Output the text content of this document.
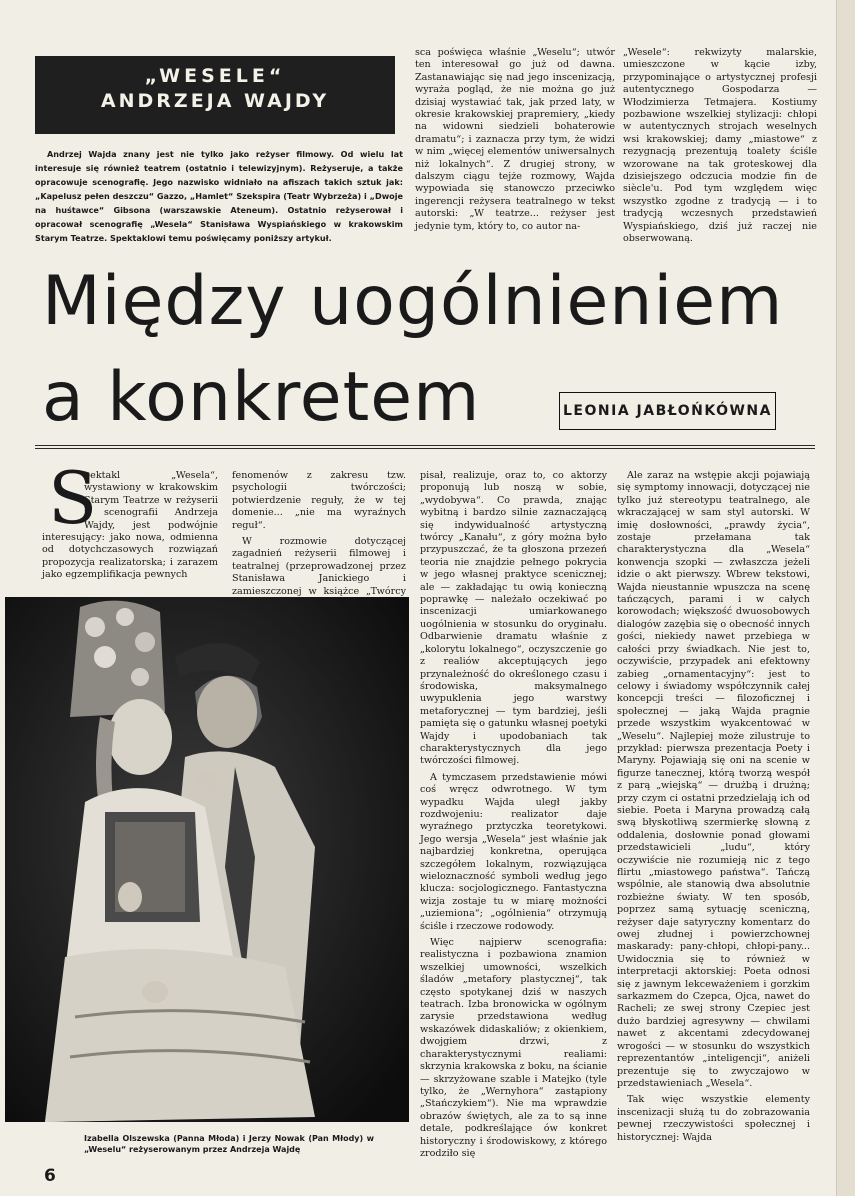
„WESELE“
ANDRZEJA WAJDY

Andrzej Wajda znany jest nie tylko jako reżyser filmowy. Od wielu lat interesuje się również teatrem (ostatnio i telewizyjnym). Reżyseruje, a także opracowuje scenografię. Jego nazwisko widniało na afiszach takich sztuk jak: „Kapelusz pełen deszczu“ Gazzo, „Hamlet“ Szekspira (Teatr Wybrzeża) i „Dwoje na huśtawce“ Gibsona (warszawskie Ateneum). Ostatnio reżyserował i opracował scenografię „Wesela“ Stanisława Wyspiańskiego w krakowskim Starym Teatrze. Spektaklowi temu poświęcamy poniższy artykuł.

sca poświęca właśnie „Weselu“; utwór ten interesował go już od dawna. Zastanawiając się nad jego inscenizacją, wyraża pogląd, że nie można go już dzisiaj wystawiać tak, jak przed laty, w okresie krakowskiej prapremiery, „kiedy na widowni siedzieli bohaterowie dramatu“; i zaznacza przy tym, że widzi w nim „więcej elementów uniwersalnych niż lokalnych“. Z drugiej strony, w dalszym ciągu tejże rozmowy, Wajda wypowiada się stanowczo przeciwko ingerencji reżysera teatralnego w tekst autorski: „W teatrze... reżyser jest jedynie tym, który to, co autor na-

„Wesele“: rekwizyty malarskie, umieszczone w kącie izby, przypominające o artystycznej profesji autentycznego Gospodarza — Włodzimierza Tetmajera. Kostiumy pozbawione wszelkiej stylizacji: chłopi w autentycznych strojach weselnych wsi krakowskiej; damy „miastowe“ z rezygnacją prezentują toalety ściśle wzorowane na tak groteskowej dla dzisiejszego odczucia modzie fin de siècle'u. Pod tym względem więc wszystko zgodne z tradycją — i to tradycją wczesnych przedstawień Wyspiańskiego, dziś już raczej nie obserwowaną.

Między uogólnieniem
a konkretem	LEONIA JABŁOŃKÓWNA
S

pektakl „Wesela“, wystawiony w krakowskim Starym Teatrze w reżyserii i scenografii Andrzeja Wajdy, jest podwójnie interesujący: jako nowa, odmienna od dotychczasowych rozwiązań propozycja realizatorska; i zarazem jako egzemplifikacja pewnych

fenomenów z zakresu tzw. psychologii twórczości; potwierdzenie reguły, że w tej domenie... „nie ma wyraźnych reguł“.

W rozmowie dotyczącej zagadnień reżyserii filmowej i teatralnej (przeprowadzonej przez Stanisława Janickiego i zamieszczonej w książce „Twórcy

Izabella Olszewska (Panna Młoda) i Jerzy Nowak (Pan Młody) w „Weselu“ reżyserowanym przez Andrzeja Wajdę

pisał, realizuje, oraz to, co aktorzy proponują lub noszą w sobie, „wydobywa“. Co prawda, znając wybitną i bardzo silnie zaznaczającą się indywidualność artystyczną twórcy „Kanału“, z góry można było przypuszczać, że ta głoszona przezeń teoria nie znajdzie pełnego pokrycia w jego własnej praktyce scenicznej; ale — zakładając tu owią konieczną poprawkę — należało oczekiwać po inscenizacji umiarkowanego uogólnienia w stosunku do oryginału. Odbarwienie dramatu właśnie z „kolorytu lokalnego“, oczyszczenie go z realiów akceptujących jego przynależność do określonego czasu i środowiska, maksymalnego uwypuklenia jego warstwy metaforycznej — tym bardziej, jeśli pamięta się o gatunku własnej poetyki Wajdy i upodobaniach tak charakterystycznych dla jego twórczości filmowej.

A tymczasem przedstawienie mówi coś wręcz odwrotnego. W tym wypadku Wajda uległ jakby rozdwojeniu: realizator daje wyraźnego prztyczka teoretykowi. Jego wersja „Wesela“ jest właśnie jak najbardziej konkretna, operująca szczegółem lokalnym, rozwiązująca wieloznaczność symboli według jego klucza: socjologicznego. Fantastyczna wizja zostaje tu w miarę możności „uziemiona“; „ogólnienia“ otrzymują ściśle i rzeczowe rodowody.

Więc najpierw scenografia: realistyczna i pozbawiona znamion wszelkiej umowności, wszelkich śladów „metafory plastycznej“, tak często spotykanej dziś w naszych teatrach. Izba bronowicka w ogólnym zarysie przedstawiona według wskazówek didaskaliów; z okienkiem, dwojgiem drzwi, z charakterystycznymi realiami: skrzynia krakowska z boku, na ścianie — skrzyżowane szable i Matejko (tyle tylko, że „Wernyhora“ zastąpiony „Stańczykiem“). Nie ma wprawdzie obrazów świętych, ale za to są inne detale, podkreślające ów konkret historyczny i środowiskowy, z którego zrodziło się

Ale zaraz na wstępie akcji pojawiają się symptomy innowacji, dotyczącej nie tylko już stereotypu teatralnego, ale wkraczającej w sam styl autorski. W imię dosłowności, „prawdy życia“, zostaje przełamana tak charakterystyczna dla „Wesela“ konwencja szopki — zwłaszcza jeżeli idzie o akt pierwszy. Wbrew tekstowi, Wajda nieustannie wpuszcza na scenę tańczących, parami i w całych korowodach; większość dwuosobowych dialogów zazębia się o obecność innych gości, niekiedy nawet przebiega w całości przy świadkach. Nie jest to, oczywiście, przypadek ani efektowny zabieg „ornamentacyjny“: jest to celowy i świadomy współczynnik całej koncepcji treści — filozoficznej i społecznej — jaką Wajda pragnie przede wszystkim wyakcentować w „Weselu“. Najlepiej może zilustruje to przykład: pierwsza prezentacja Poety i Maryny. Pojawiają się oni na scenie w figurze tanecznej, którą tworzą wespół z parą „wiejską“ — drużbą i drużną; przy czym ci ostatni przedzielają ich od siebie. Poeta i Maryna prowadzą całą swą błyskotliwą szermierkę słowną z oddalenia, dosłownie ponad głowami przedstawicieli „ludu“, który oczywiście nie rozumieją nic z tego flirtu „miastowego państwa“. Tańczą wspólnie, ale stanowią dwa absolutnie rozbieżne światy. W ten sposób, poprzez samą sytuację sceniczną, reżyser daje satyryczny komentarz do owej złudnej i powierzchownej maskarady: pany-chłopi, chłopi-pany... Uwidocznia się to również w interpretacji aktorskiej: Poeta odnosi się z jawnym lekceważeniem i gorzkim sarkazmem do Czepca, Ojca, nawet do Racheli; ze swej strony Czepiec jest dużo bardziej agresywny — chwilami nawet z akcentami zdecydowanej wrogości — w stosunku do wszystkich reprezentantów „inteligencji“, aniżeli prezentuje się to zwyczajowo w przedstawieniach „Wesela“.

Tak więc wszystkie elementy inscenizacji służą tu do zobrazowania pewnej rzeczywistości społecznej i historycznej: Wajda

6
